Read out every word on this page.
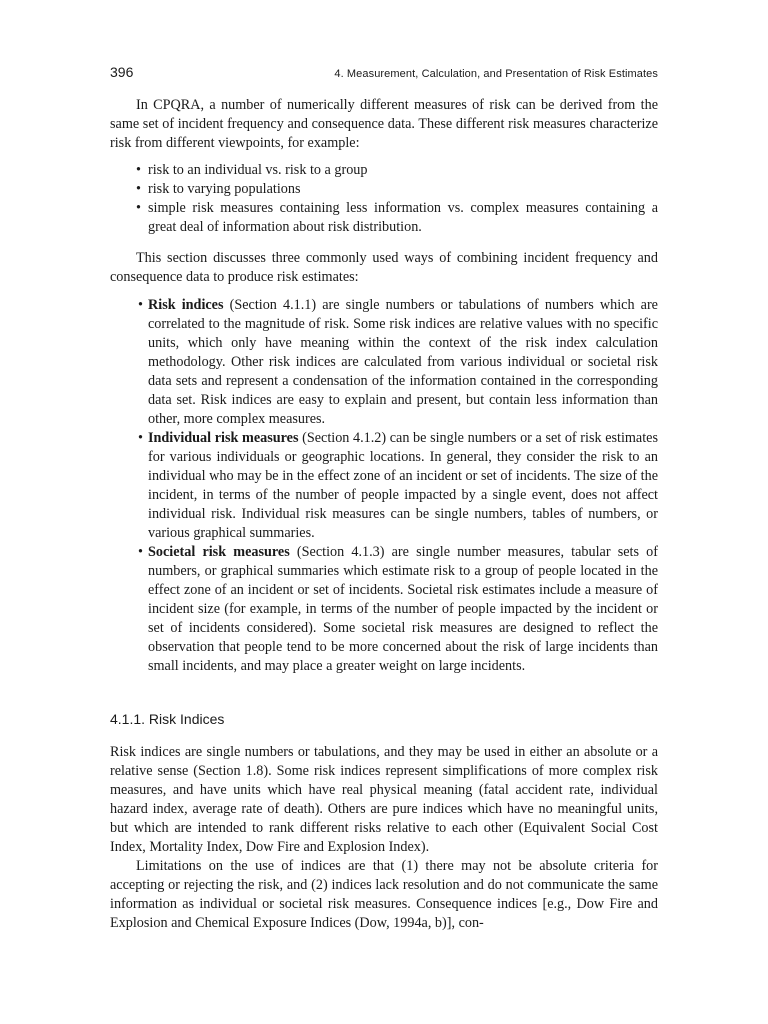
396	4. Measurement, Calculation, and Presentation of Risk Estimates

In CPQRA, a number of numerically different measures of risk can be derived from the same set of incident frequency and consequence data. These different risk measures characterize risk from different viewpoints, for example:

• risk to an individual vs. risk to a group
• risk to varying populations
• simple risk measures containing less information vs. complex measures containing a great deal of information about risk distribution.

This section discusses three commonly used ways of combining incident frequency and consequence data to produce risk estimates:

• Risk indices (Section 4.1.1) are single numbers or tabulations of numbers which are correlated to the magnitude of risk. Some risk indices are relative values with no specific units, which only have meaning within the context of the risk index calculation methodology. Other risk indices are calculated from various individual or societal risk data sets and represent a condensation of the information contained in the corresponding data set. Risk indices are easy to explain and present, but contain less information than other, more complex measures.
• Individual risk measures (Section 4.1.2) can be single numbers or a set of risk estimates for various individuals or geographic locations. In general, they consider the risk to an individual who may be in the effect zone of an incident or set of incidents. The size of the incident, in terms of the number of people impacted by a single event, does not affect individual risk. Individual risk measures can be single numbers, tables of numbers, or various graphical summaries.
• Societal risk measures (Section 4.1.3) are single number measures, tabular sets of numbers, or graphical summaries which estimate risk to a group of people located in the effect zone of an incident or set of incidents. Societal risk estimates include a measure of incident size (for example, in terms of the number of people impacted by the incident or set of incidents considered). Some societal risk measures are designed to reflect the observation that people tend to be more concerned about the risk of large incidents than small incidents, and may place a greater weight on large incidents.
4.1.1. Risk Indices

Risk indices are single numbers or tabulations, and they may be used in either an absolute or a relative sense (Section 1.8). Some risk indices represent simplifications of more complex risk measures, and have units which have real physical meaning (fatal accident rate, individual hazard index, average rate of death). Others are pure indices which have no meaningful units, but which are intended to rank different risks relative to each other (Equivalent Social Cost Index, Mortality Index, Dow Fire and Explosion Index).

Limitations on the use of indices are that (1) there may not be absolute criteria for accepting or rejecting the risk, and (2) indices lack resolution and do not communicate the same information as individual or societal risk measures. Consequence indices [e.g., Dow Fire and Explosion and Chemical Exposure Indices (Dow, 1994a, b)], con-
